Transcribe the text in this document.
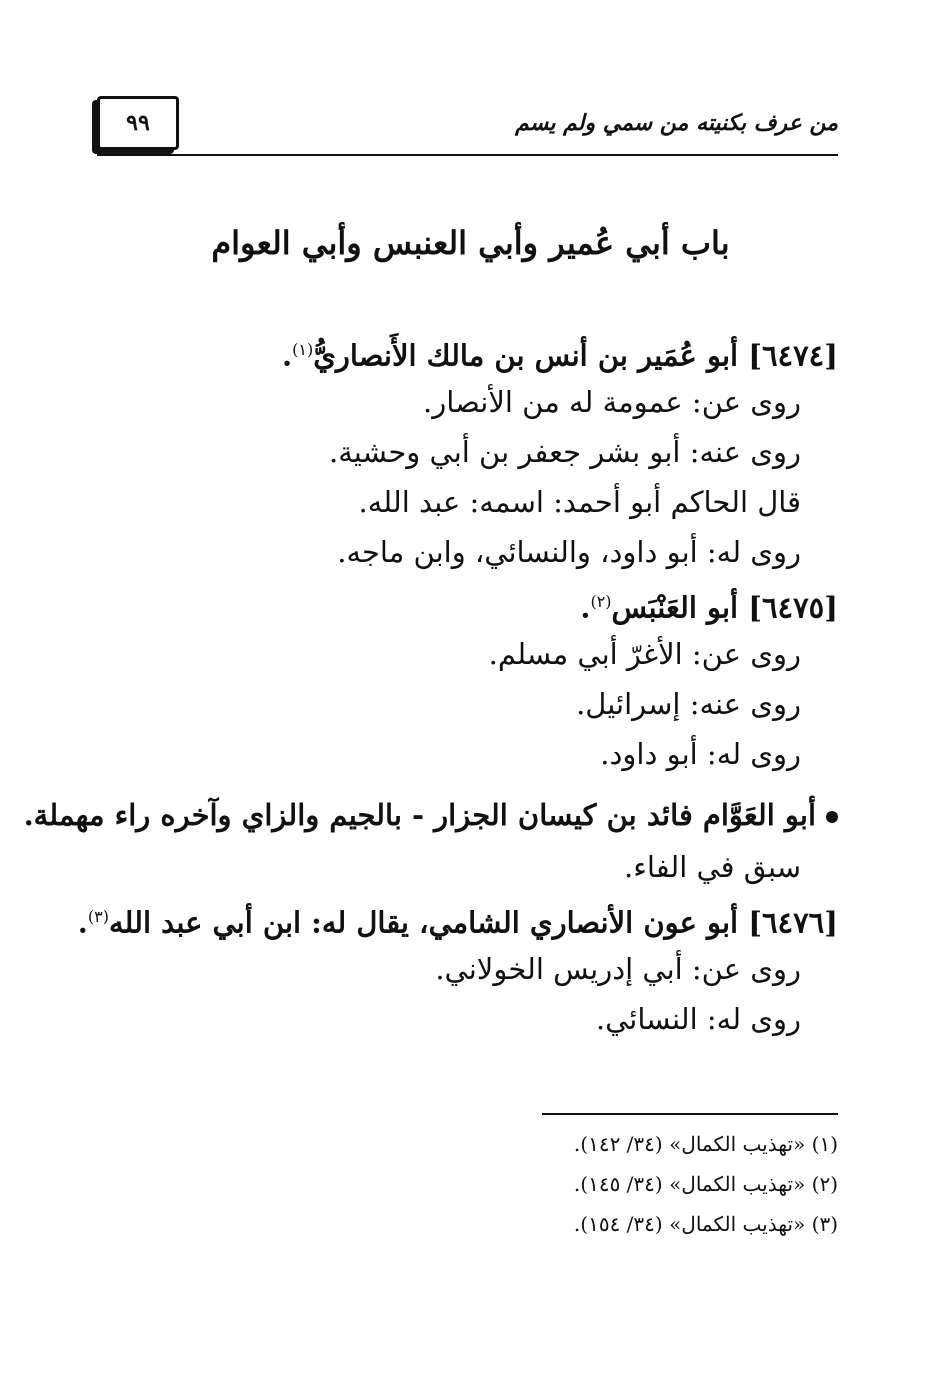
٩٩	من عرف بكنيته من سمي ولم يسم
باب أبي عُمير وأبي العنبس وأبي العوام
[٦٤٧٤] أبو عُمَير بن أنس بن مالك الأَنصاريُّ$^{(١)}$.
روى عن: عمومة له من الأنصار.
روى عنه: أبو بشر جعفر بن أبي وحشية.
قال الحاكم أبو أحمد: اسمه: عبد الله.
روى له: أبو داود، والنسائي، وابن ماجه.
[٦٤٧٥] أبو العَنْبَس$^{(٢)}$.
روى عن: الأغرّ أبي مسلم.
روى عنه: إسرائيل.
روى له: أبو داود.
أبو العَوَّام فائد بن كيسان الجزار - بالجيم والزاي وآخره راء مهملة.
سبق في الفاء.
[٦٤٧٦] أبو عون الأنصاري الشامي، يقال له: ابن أبي عبد الله$^{(٣)}$.
روى عن: أبي إدريس الخولاني.
روى له: النسائي.
(١) «تهذيب الكمال» (٣٤/ ١٤٢).
(٢) «تهذيب الكمال» (٣٤/ ١٤٥).
(٣) «تهذيب الكمال» (٣٤/ ١٥٤).
